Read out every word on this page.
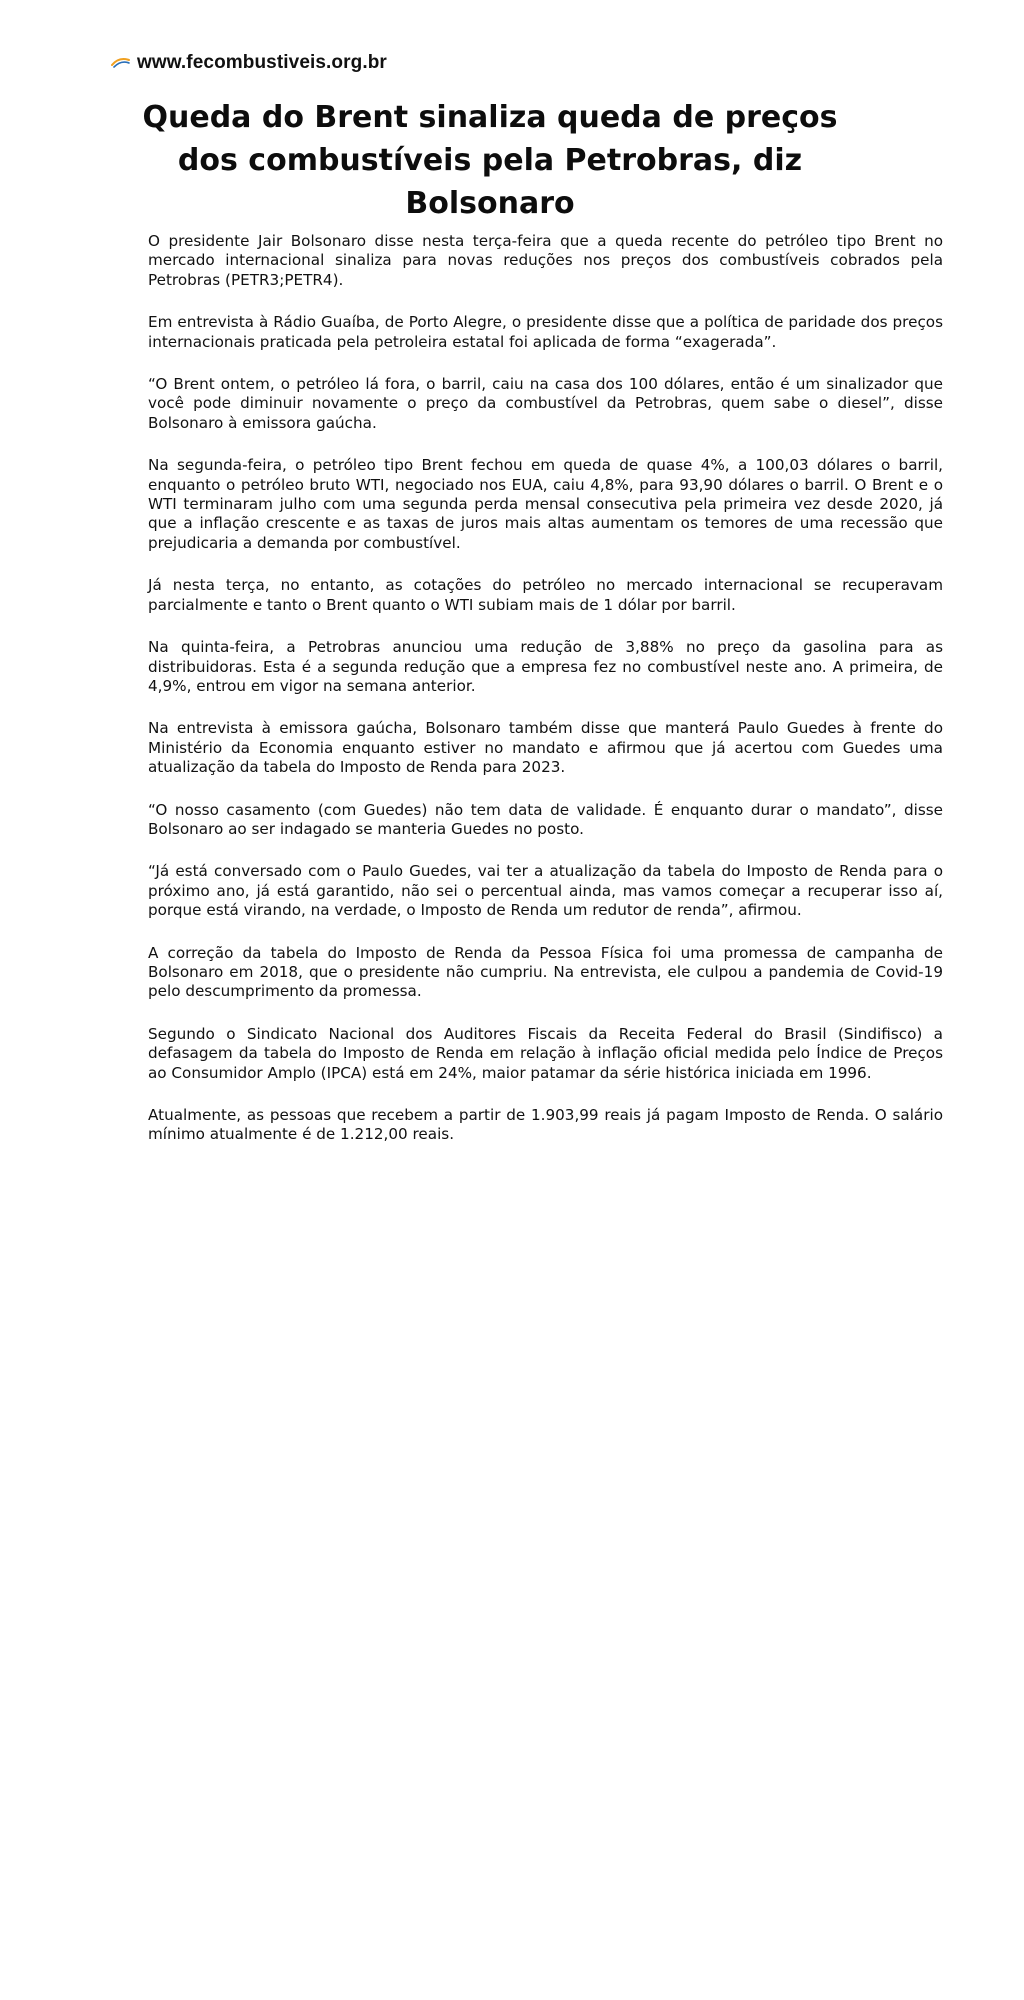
www.fecombustiveis.org.br
Queda do Brent sinaliza queda de preços dos combustíveis pela Petrobras, diz Bolsonaro

O presidente Jair Bolsonaro disse nesta terça-feira que a queda recente do petróleo tipo Brent no mercado internacional sinaliza para novas reduções nos preços dos combustíveis cobrados pela Petrobras (PETR3;PETR4).

Em entrevista à Rádio Guaíba, de Porto Alegre, o presidente disse que a política de paridade dos preços internacionais praticada pela petroleira estatal foi aplicada de forma “exagerada”.

“O Brent ontem, o petróleo lá fora, o barril, caiu na casa dos 100 dólares, então é um sinalizador que você pode diminuir novamente o preço da combustível da Petrobras, quem sabe o diesel”, disse Bolsonaro à emissora gaúcha.

Na segunda-feira, o petróleo tipo Brent fechou em queda de quase 4%, a 100,03 dólares o barril, enquanto o petróleo bruto WTI, negociado nos EUA, caiu 4,8%, para 93,90 dólares o barril. O Brent e o WTI terminaram julho com uma segunda perda mensal consecutiva pela primeira vez desde 2020, já que a inflação crescente e as taxas de juros mais altas aumentam os temores de uma recessão que prejudicaria a demanda por combustível.

Já nesta terça, no entanto, as cotações do petróleo no mercado internacional se recuperavam parcialmente e tanto o Brent quanto o WTI subiam mais de 1 dólar por barril.

Na quinta-feira, a Petrobras anunciou uma redução de 3,88% no preço da gasolina para as distribuidoras. Esta é a segunda redução que a empresa fez no combustível neste ano. A primeira, de 4,9%, entrou em vigor na semana anterior.

Na entrevista à emissora gaúcha, Bolsonaro também disse que manterá Paulo Guedes à frente do Ministério da Economia enquanto estiver no mandato e afirmou que já acertou com Guedes uma atualização da tabela do Imposto de Renda para 2023.

“O nosso casamento (com Guedes) não tem data de validade. É enquanto durar o mandato”, disse Bolsonaro ao ser indagado se manteria Guedes no posto.

“Já está conversado com o Paulo Guedes, vai ter a atualização da tabela do Imposto de Renda para o próximo ano, já está garantido, não sei o percentual ainda, mas vamos começar a recuperar isso aí, porque está virando, na verdade, o Imposto de Renda um redutor de renda”, afirmou.

A correção da tabela do Imposto de Renda da Pessoa Física foi uma promessa de campanha de Bolsonaro em 2018, que o presidente não cumpriu. Na entrevista, ele culpou a pandemia de Covid-19 pelo descumprimento da promessa.

Segundo o Sindicato Nacional dos Auditores Fiscais da Receita Federal do Brasil (Sindifisco) a defasagem da tabela do Imposto de Renda em relação à inflação oficial medida pelo Índice de Preços ao Consumidor Amplo (IPCA) está em 24%, maior patamar da série histórica iniciada em 1996.

Atualmente, as pessoas que recebem a partir de 1.903,99 reais já pagam Imposto de Renda. O salário mínimo atualmente é de 1.212,00 reais.
